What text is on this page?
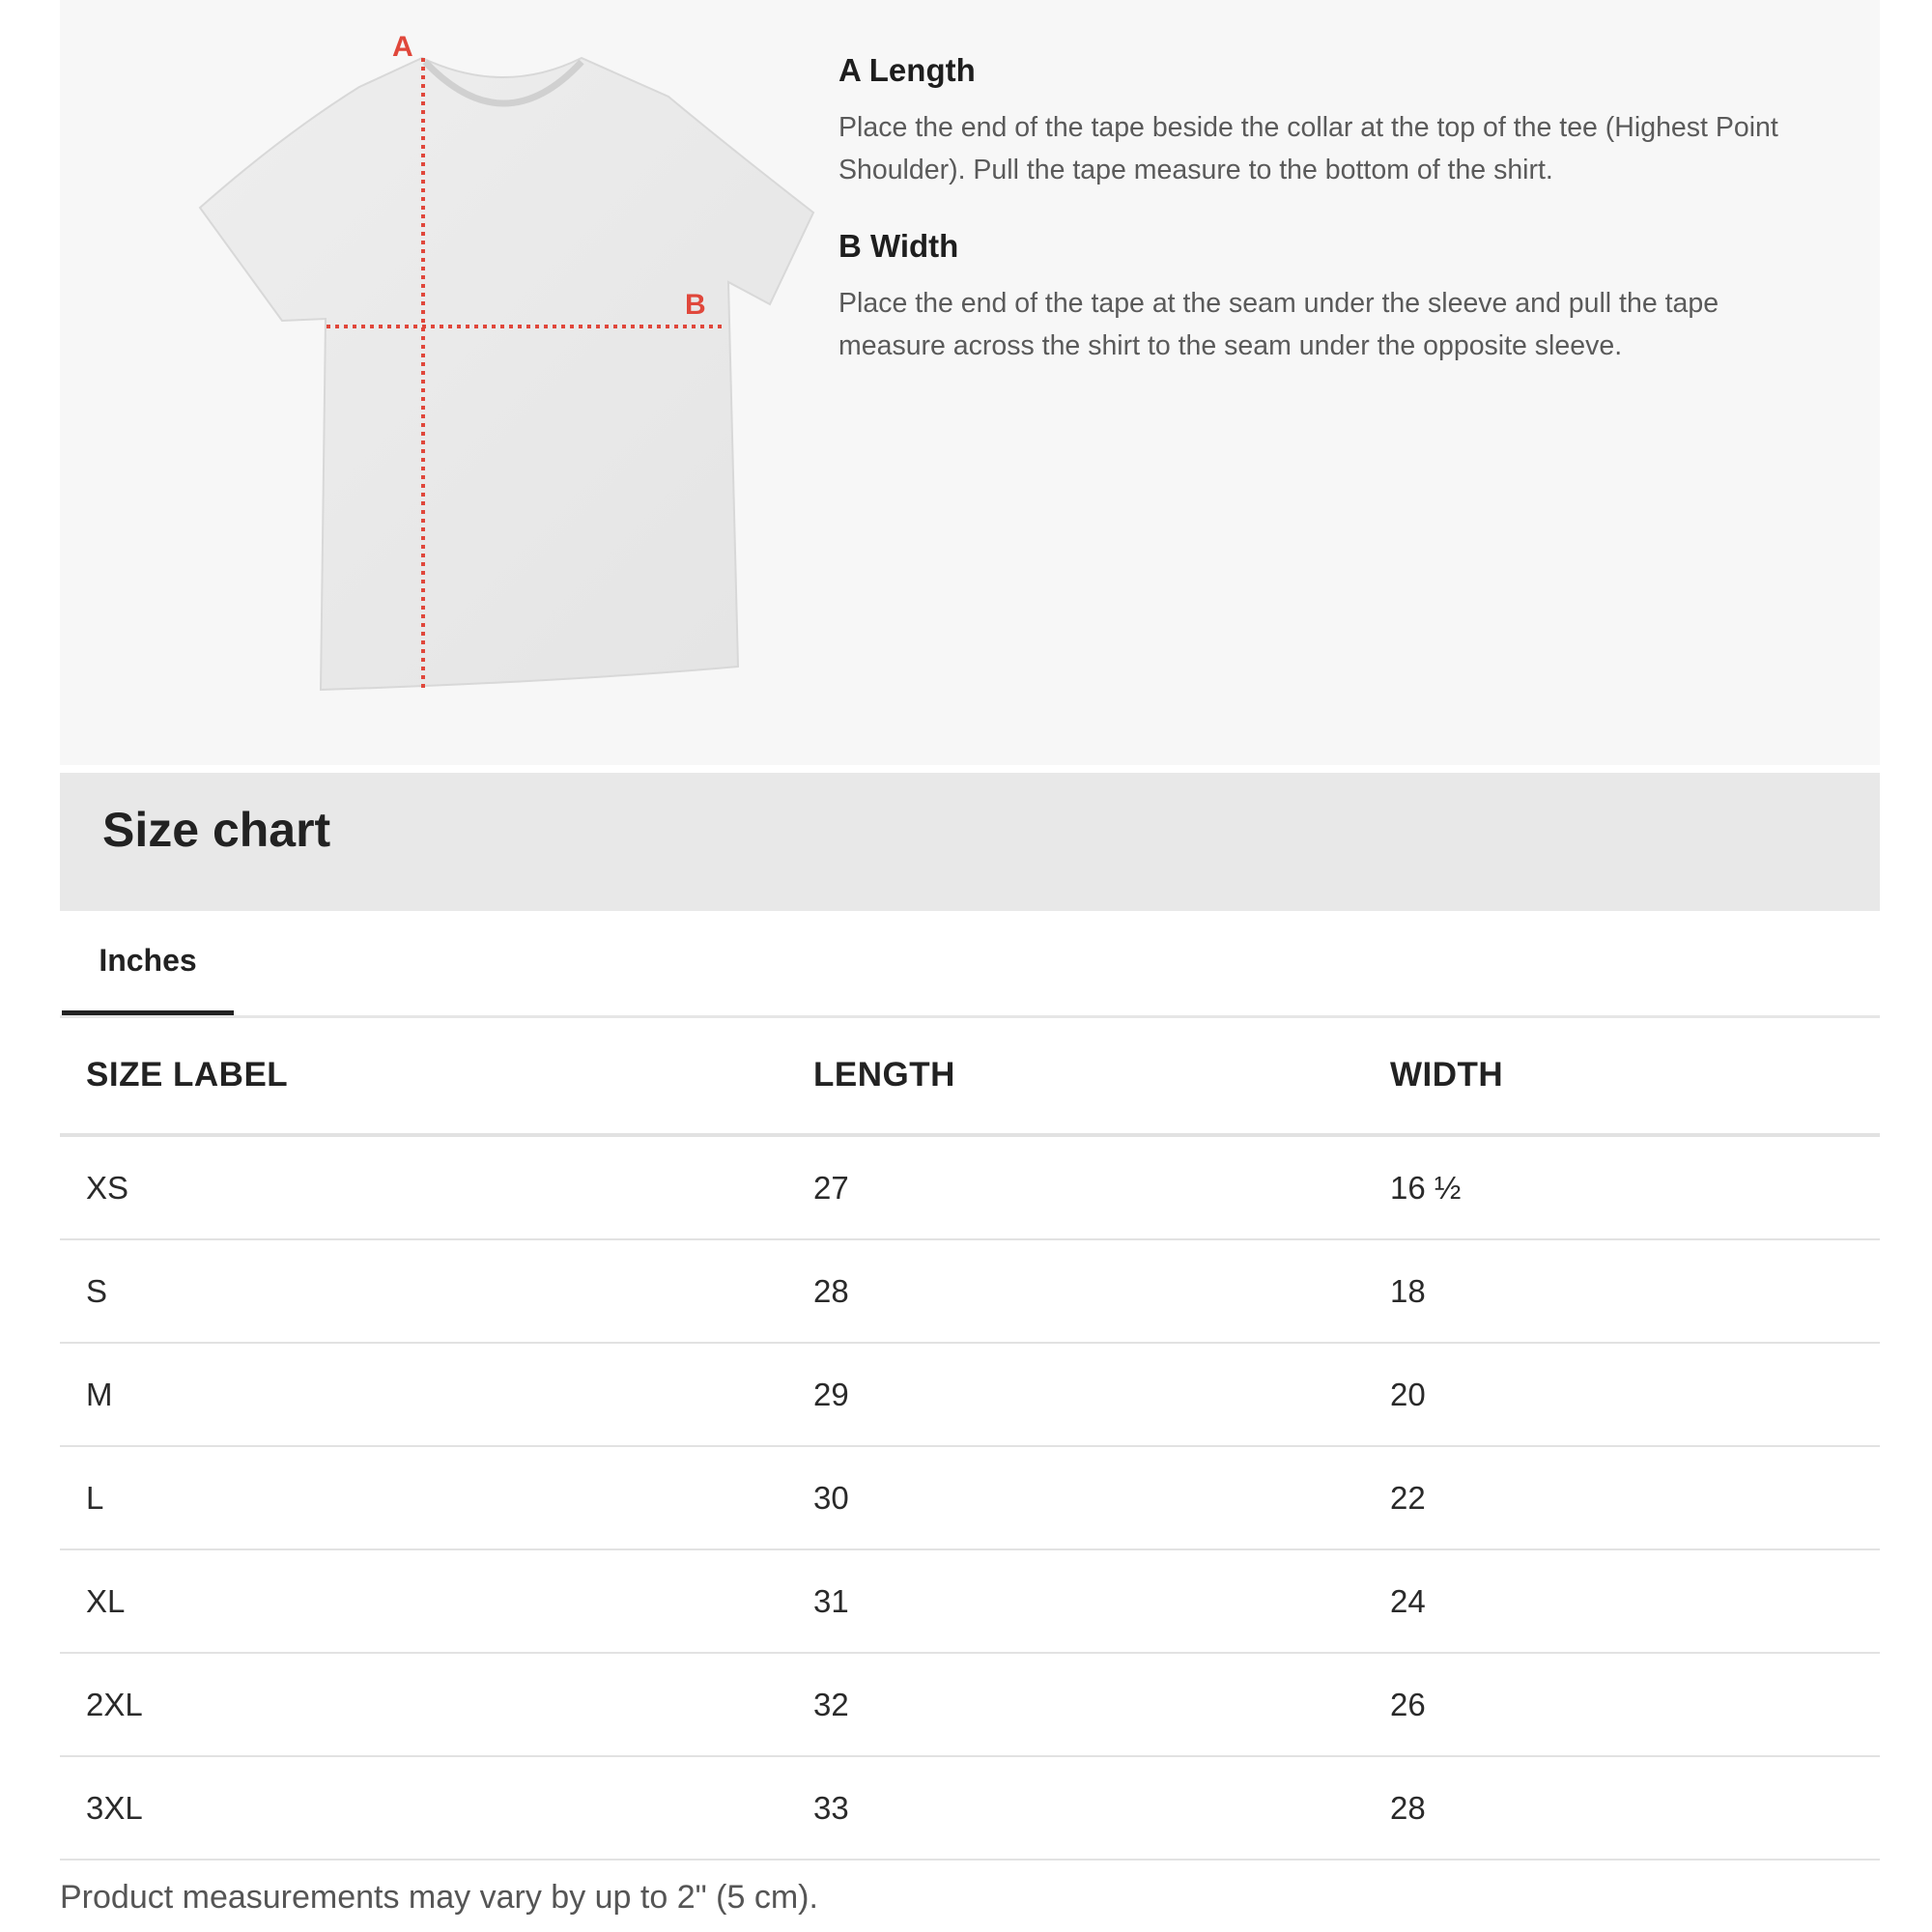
A
B
A Length

Place the end of the tape beside the collar at the top of the tee (Highest Point Shoulder). Pull the tape measure to the bottom of the shirt.

B Width

Place the end of the tape at the seam under the sleeve and pull the tape measure across the shirt to the seam under the opposite sleeve.

Size chart
Inches
SIZE LABEL	LENGTH	WIDTH
XS	27	16 ½
S	28	18
M	29	20
L	30	22
XL	31	24
2XL	32	26
3XL	33	28

Product measurements may vary by up to 2" (5 cm).
